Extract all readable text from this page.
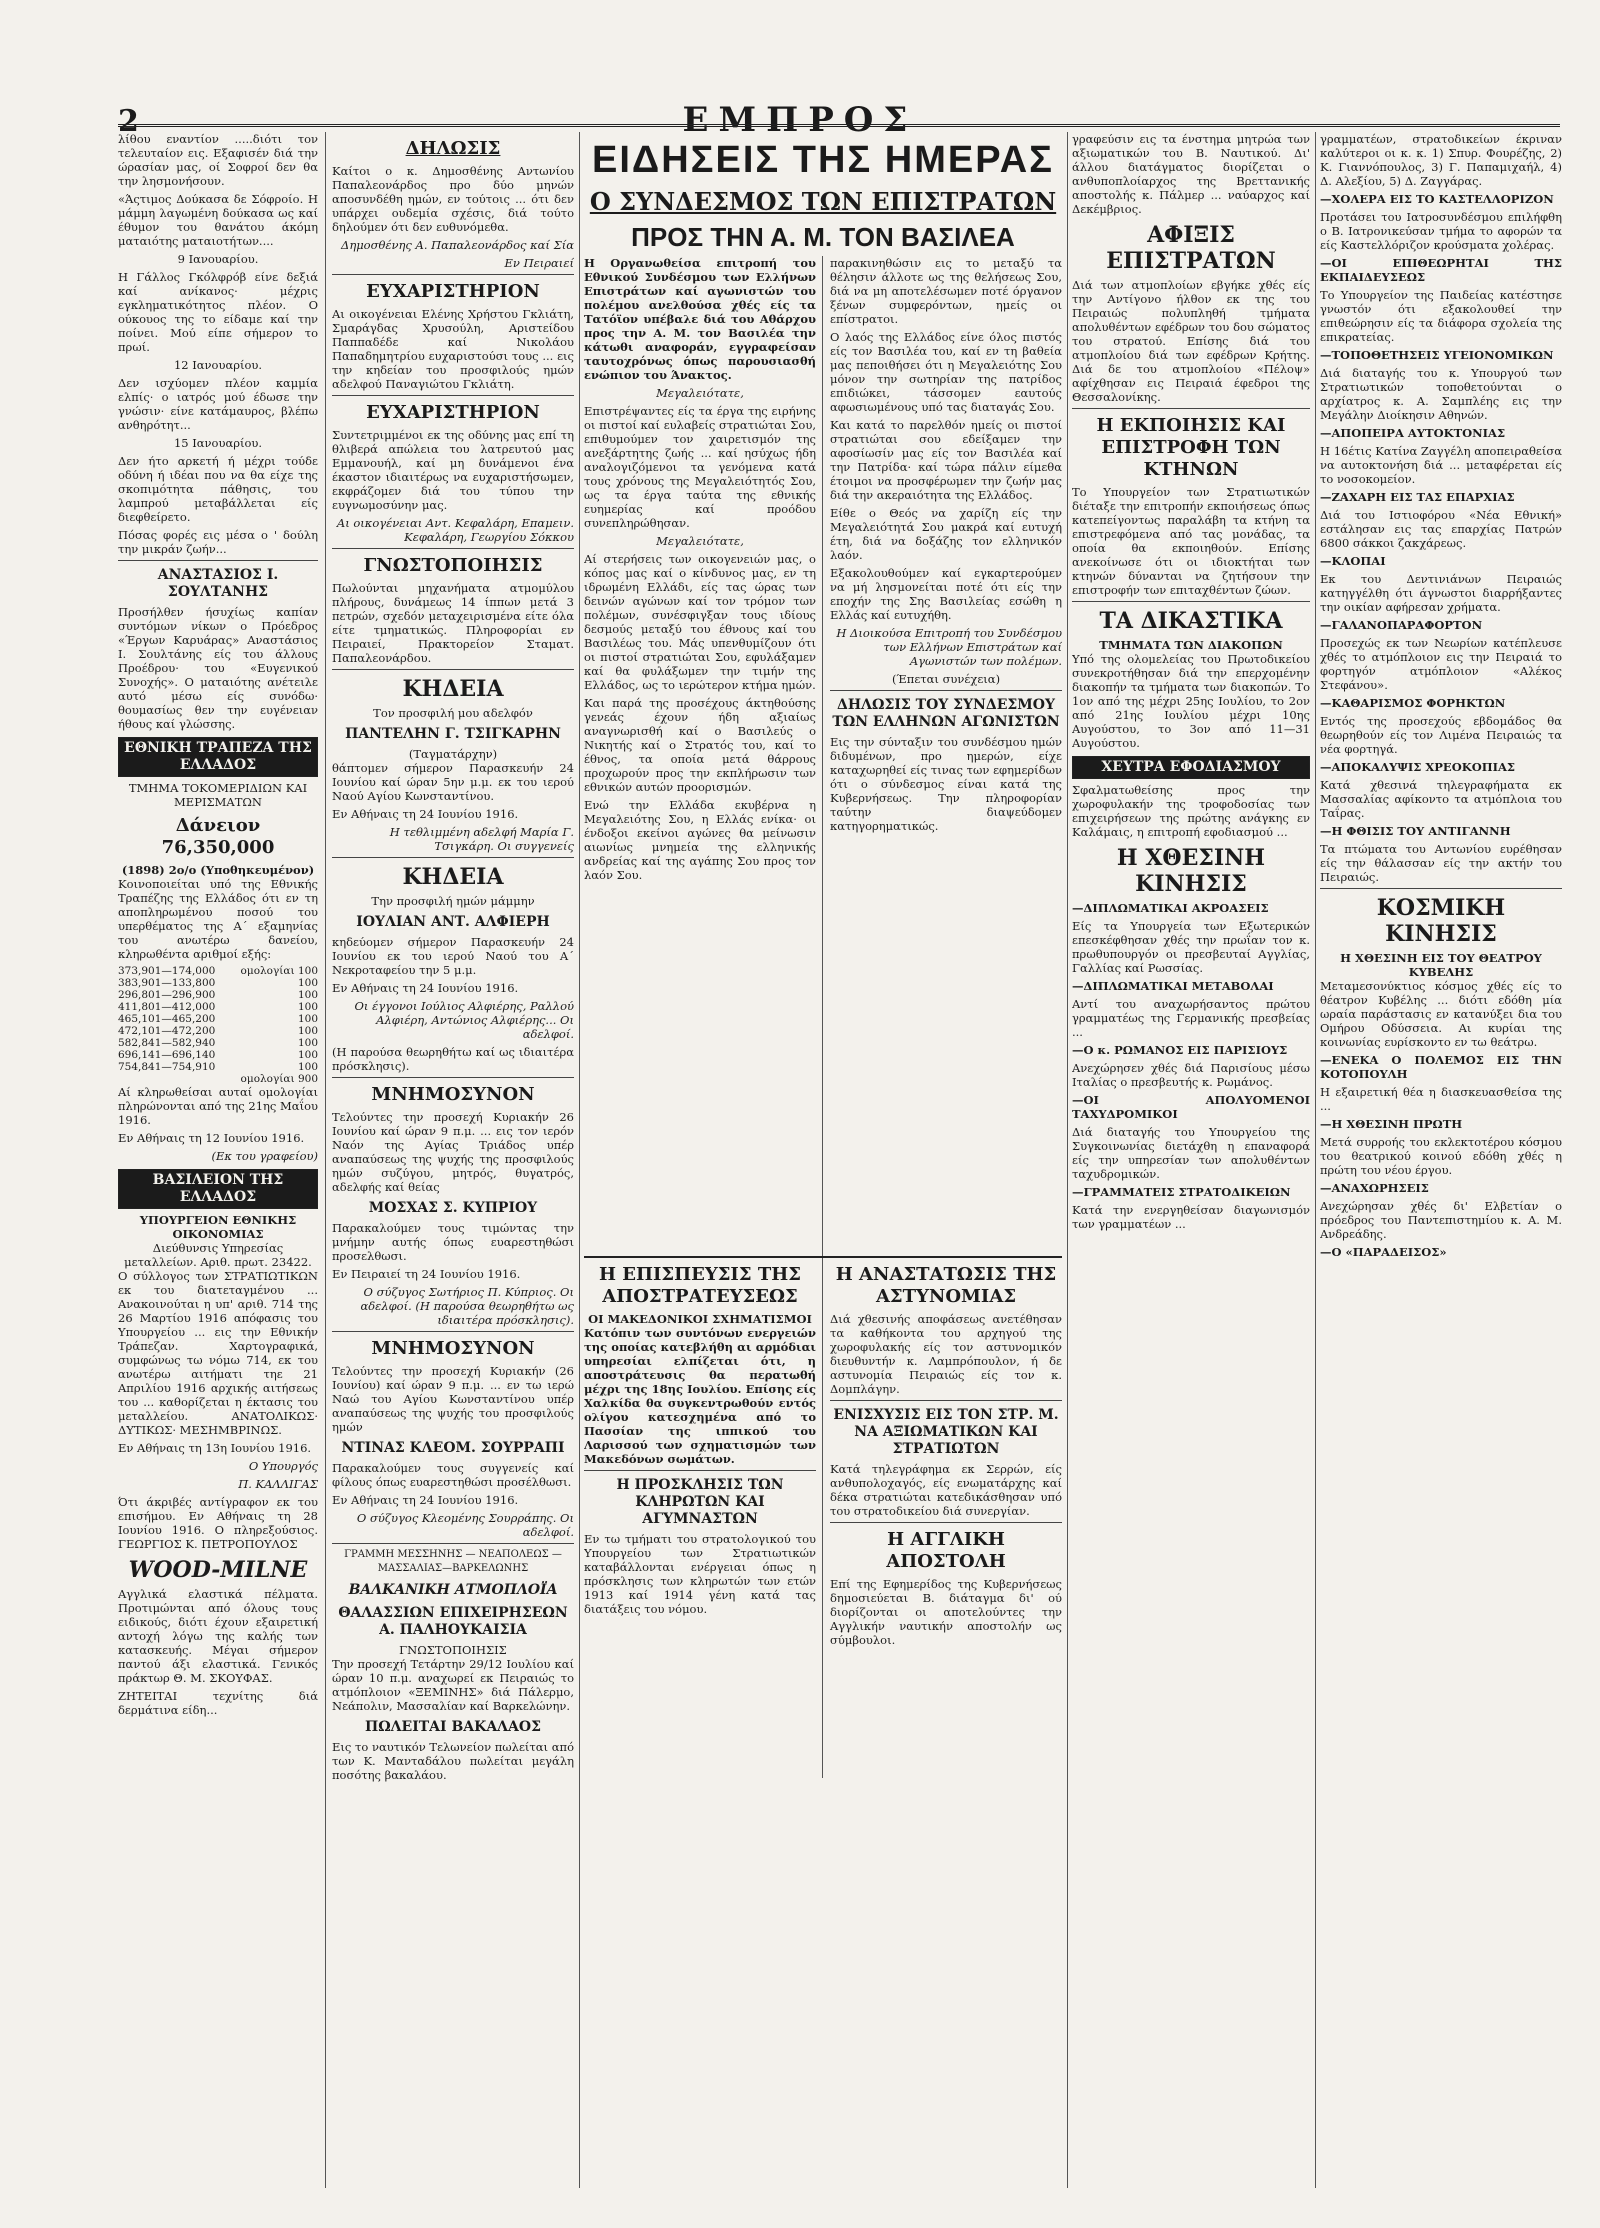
2	ΕΜΠΡΟΣ

λίθου εναντίον .....διότι τον τελευταίον εις. Εξαφισέν διά την ώρασίαν μας, οί Σοφροί δεν θα την λησμονήσουν.

«Άςτιμος Δούκασα δε Σόφροίο. Η μάμμη λαγωμένη δούκασα ως καί έθυμον του θανάτου άκόμη ματαιότης ματαιοτήτων....

9 Ιανουαρίου.

Η Γάλλος Γκόλφρόβ είνε δεξιά καί ανίκανος· μέχρις εγκληματικότητος πλέον. Ο ούκουος της το είδαμε καί την ποίνει. Μού είπε σήμερον το πρωί.

12 Ιανουαρίου.

Δεν ισχύομεν πλέον καμμία ελπίς· ο ιατρός μού έδωσε την γνώσιν· είνε κατάμαυρος, βλέπω ανθηρότητ...

15 Ιανουαρίου.

Δεν ήτο αρκετή ή μέχρι τούδε οδύνη ή ιδέαι που να θα είχε της σκοπιμότητα πάθησις, του λαμπρού μεταβάλλεται είς διεφθείρετο.

Πόσας φορές εις μέσα ο ' δούλη την μικράν ζωήν...

ΑΝΑΣΤΑΣΙΟΣ Ι. ΣΟΥΛΤΑΝΗΣ

Προσήλθεν ήσυχίως καπίαν συντόμων νίκων ο Πρόεδρος «Έργων Καρυάρας» Αναστάσιος Ι. Σουλτάνης είς του άλλους Προέδρου· του «Ευγενικού Συνοχής». Ο ματαιότης ανέτειλε αυτό μέσω είς συνόδω· θουμασίως θεν την ευγένειαν ήθους καί γλώσσης.

ΕΘΝΙΚΗ ΤΡΑΠΕΖΑ ΤΗΣ ΕΛΛΑΔΟΣ
ΤΜΗΜΑ ΤΟΚΟΜΕΡΙΔΙΩΝ ΚΑΙ ΜΕΡΙΣΜΑΤΩΝ
Δάνειον 76,350,000
(1898) 2ο/ο (Υποθηκευμένον)

Κοινοποιείται υπό της Εθνικής Τραπέζης της Ελλάδος ότι εν τη αποπληρωμένου ποσού του υπερθέματος της Α΄ εξαμηνίας του ανωτέρω δανείου, κληρωθέντα αριθμοί εξής:

373,901—174,000	ομολογίαι	100
383,901—133,800		100
296,801—296,900		100
411,801—412,000		100
465,101—465,200		100
472,101—472,200		100
582,841—582,940		100
696,141—696,140		100
754,841—754,910		100
	ομολογίαι	900

Αί κληρωθείσαι αυταί ομολογίαι πληρώνονται από της 21ης Μαΐου 1916.

Εν Αθήναις τη 12 Ιουνίου 1916.

(Εκ του γραφείου)

ΒΑΣΙΛΕΙΟΝ ΤΗΣ ΕΛΛΑΔΟΣ
ΥΠΟΥΡΓΕΙΟΝ ΕΘΝΙΚΗΣ ΟΙΚΟΝΟΜΙΑΣ
Διεύθυνσις Υπηρεσίας μεταλλείων. Αριθ. πρωτ. 23422.

Ο σύλλογος των ΣΤΡΑΤΙΩΤΙΚΩΝ εκ του διατεταγμένου ... Ανακοινούται η υπ' αριθ. 714 της 26 Μαρτίου 1916 απόφασις του Υπουργείου ... εις την Εθνικήν Τράπεζαν. Χαρτογραφικά, συμφώνως τω νόμω 714, εκ του ανωτέρω αιτήματι τηε 21 Απριλίου 1916 αρχικής αιτήσεως του ... καθορίζεται η έκτασις του μεταλλείου. ΑΝΑΤΟΛΙΚΩΣ· ΔΥΤΙΚΩΣ· ΜΕΣΗΜΒΡΙΝΩΣ.

Εν Αθήναις τη 13η Ιουνίου 1916.

Ο Υπουργός

Π. ΚΑΛΛΙΓΑΣ

Ότι άκριβές αντίγραφον εκ του επισήμου. Εν Αθήναις τη 28 Ιουνίου 1916. Ο πληρεξούσιος. ΓΕΩΡΓΙΟΣ Κ. ΠΕΤΡΟΠΟΥΛΟΣ

WOOD-MILNE

Αγγλικά ελαστικά πέλματα. Προτιμώνται από όλους τους ειδικούς, διότι έχουν εξαιρετική αντοχή λόγω της καλής των κατασκευής. Μέγαι σήμερον παντού άξι ελαστικά. Γενικός πράκτωρ Θ. Μ. ΣΚΟΥΦΑΣ.

ΖΗΤΕΙΤΑΙ τεχνίτης διά δερμάτινα είδη...

ΔΗΛΩΣΙΣ

Καίτοι ο κ. Δημοσθένης Αντωνίου Παπαλεονάρδος προ δύο μηνών αποσυνδέθη ημών, εν τούτοις ... ότι δεν υπάρχει ουδεμία σχέσις, διά τούτο δηλούμεν ότι δεν ευθυνόμεθα.

Δημοσθένης Α. Παπαλεονάρδος καί Σία

Εν Πειραιεί

ΕΥΧΑΡΙΣΤΗΡΙΟΝ

Αι οικογένειαι Ελένης Χρήστου Γκλιάτη, Σμαράγδας Χρυσούλη, Αριστείδου Παππαδέδε καί Νικολάου Παπαδημητρίου ευχαριστούσι τους ... εις την κηδείαν του προσφιλούς ημών αδελφού Παναγιώτου Γκλιάτη.

ΕΥΧΑΡΙΣΤΗΡΙΟΝ

Συντετριμμένοι εκ της οδύνης μας επί τη θλιβερά απώλεια του λατρευτού μας Εμμανουήλ, καί μη δυνάμενοι ένα έκαστον ιδιαιτέρως να ευχαριστήσωμεν, εκφράζομεν διά του τύπου την ευγνωμοσύνην μας.

Αι οικογένειαι Αντ. Κεφαλάρη, Επαμειν. Κεφαλάρη, Γεωργίου Σόκκου

ΓΝΩΣΤΟΠΟΙΗΣΙΣ

Πωλούνται μηχανήματα ατμομύλου πλήρους, δυνάμεως 14 ίππων μετά 3 πετρών, σχεδόν μεταχειρισμένα είτε όλα είτε τμηματικώς. Πληροφορίαι εν Πειραιεί, Πρακτορείον Σταματ. Παπαλεονάρδου.

ΚΗΔΕΙΑ
Τον προσφιλή μου αδελφόν
ΠΑΝΤΕΛΗΝ Γ. ΤΣΙΓΚΑΡΗΝ
(Ταγματάρχην)

θάπτομεν σήμερον Παρασκευήν 24 Ιουνίου καί ώραν 5ην μ.μ. εκ του ιερού Ναού Αγίου Κωνσταντίνου.

Εν Αθήναις τη 24 Ιουνίου 1916.

Η τεθλιμμένη αδελφή Μαρία Γ. Τσιγκάρη. Οι συγγενείς

ΚΗΔΕΙΑ
Την προσφιλή ημών μάμμην
ΙΟΥΛΙΑΝ ΑΝΤ. ΑΛΦΙΕΡΗ

κηδεύομεν σήμερον Παρασκευήν 24 Ιουνίου εκ του ιερού Ναού του Α΄ Νεκροταφείου την 5 μ.μ.

Εν Αθήναις τη 24 Ιουνίου 1916.

Οι έγγονοι Ιούλιος Αλφιέρης, Ραλλού Αλφιέρη, Αντώνιος Αλφιέρης... Οι αδελφοί.

(Η παρούσα θεωρηθήτω καί ως ιδιαιτέρα πρόσκλησις).

ΜΝΗΜΟΣΥΝΟΝ

Τελούντες την προσεχή Κυριακήν 26 Ιουνίου καί ώραν 9 π.μ. ... εις τον ιερόν Ναόν της Αγίας Τριάδος υπέρ αναπαύσεως της ψυχής της προσφιλούς ημών συζύγου, μητρός, θυγατρός, αδελφής καί θείας

ΜΟΣΧΑΣ Σ. ΚΥΠΡΙΟΥ

Παρακαλούμεν τους τιμώντας την μνήμην αυτής όπως ευαρεστηθώσι προσελθωσι.

Εν Πειραιεί τη 24 Ιουνίου 1916.

Ο σύζυγος Σωτήριος Π. Κύπριος. Οι αδελφοί. (Η παρούσα θεωρηθήτω ως ιδιαιτέρα πρόσκλησις).

ΜΝΗΜΟΣΥΝΟΝ

Τελούντες την προσεχή Κυριακήν (26 Ιουνίου) καί ώραν 9 π.μ. ... εν τω ιερώ Ναώ του Αγίου Κωνσταντίνου υπέρ αναπαύσεως της ψυχής του προσφιλούς ημών

ΝΤΙΝΑΣ ΚΛΕΟΜ. ΣΟΥΡΡΑΠΙ

Παρακαλούμεν τους συγγενείς καί φίλους όπως ευαρεστηθώσι προσέλθωσι.

Εν Αθήναις τη 24 Ιουνίου 1916.

Ο σύζυγος Κλεομένης Σουρράπης. Οι αδελφοί.

ΓΡΑΜΜΗ ΜΕΣΣΗΝΗΣ — ΝΕΑΠΟΛΕΩΣ — ΜΑΣΣΑΛΙΑΣ—ΒΑΡΚΕΛΩΝΗΣ
ΒΑΛΚΑΝΙΚΗ ΑΤΜΟΠΛΟΪΑ
ΘΑΛΑΣΣΙΩΝ ΕΠΙΧΕΙΡΗΣΕΩΝ Α. ΠΑΛΗΟΥΚΑΙΣΙΑ
ΓΝΩΣΤΟΠΟΙΗΣΙΣ

Την προσεχή Τετάρτην 29/12 Ιουλίου καί ώραν 10 π.μ. αναχωρεί εκ Πειραιώς το ατμόπλοιον «ΞΕΜΙΝΗΣ» διά Πάλερμο, Νεάπολιν, Μασσαλίαν καί Βαρκελώνην.

ΠΩΛΕΙΤΑΙ ΒΑΚΑΛΑΟΣ

Εις το ναυτικόν Τελωνείον πωλείται από των Κ. Μανταδάλου πωλείται μεγάλη ποσότης βακαλάου.

ΕΙΔΗΣΕΙΣ ΤΗΣ ΗΜΕΡΑΣ
Ο ΣΥΝΔΕΣΜΟΣ ΤΩΝ ΕΠΙΣΤΡΑΤΩΝ
ΠΡΟΣ ΤΗΝ Α. Μ. ΤΟΝ ΒΑΣΙΛΕΑ

Η Οργανωθείσα επιτροπή του Εθνικού Συνδέσμου των Ελλήνων Επιστράτων καί αγωνιστών του πολέμου ανελθούσα χθές είς τα Τατόϊον υπέβαλε διά του Αθάρχου προς την Α. Μ. τον Βασιλέα την κάτωθι αναφοράν, εγγραφείσαν ταυτοχρόνως όπως παρουσιασθή ενώπιον του Άνακτος.

Μεγαλειότατε,

Επιστρέψαντες είς τα έργα της ειρήνης οι πιστοί καί ευλαβείς στρατιώται Σου, επιθυμούμεν τον χαιρετισμόν της ανεξάρτητης ζωής ... καί ησύχως ήδη αναλογιζόμενοι τα γενόμενα κατά τους χρόνους της Μεγαλειότητός Σου, ως τα έργα ταύτα της εθνικής ευημερίας καί προόδου συνεπληρώθησαν.

Μεγαλειότατε,

Αί στερήσεις των οικογενειών μας, ο κόπος μας καί ο κίνδυνος μας, εν τη ιδρωμένη Ελλάδι, είς τας ώρας των δεινών αγώνων καί τον τρόμον των πολέμων, συνέσφιγξαν τους ιδίους δεσμούς μεταξύ του έθνους καί του Βασιλέως του. Μάς υπενθυμίζουν ότι οι πιστοί στρατιώται Σου, εφυλάξαμεν καί θα φυλάξωμεν την τιμήν της Ελλάδος, ως το ιερώτερον κτήμα ημών.

Και παρά της προσέχους άκτηθούσης γενεάς έχουν ήδη αξιαίως αναγνωρισθή καί ο Βασιλεύς ο Νικητής καί ο Στρατός του, καί το έθνος, τα οποία μετά θάρρους προχωρούν προς την εκπλήρωσιν των εθνικών αυτών προορισμών.

Ενώ την Ελλάδα εκυβέρνα η Μεγαλειότης Σου, η Ελλάς ενίκα· οι ένδοξοι εκείνοι αγώνες θα μείνωσιν αιωνίως μνημεία της ελληνικής ανδρείας καί της αγάπης Σου προς τον λαόν Σου.

παρακινηθώσιν εις το μεταξύ τα θέλησιν άλλοτε ως της θελήσεως Σου, διά να μη αποτελέσωμεν ποτέ όργανον ξένων συμφερόντων, ημείς οι επίστρατοι.

Ο λαός της Ελλάδος είνε όλος πιστός είς τον Βασιλέα του, καί εν τη βαθεία μας πεποιθήσει ότι η Μεγαλειότης Σου μόνον την σωτηρίαν της πατρίδος επιδιώκει, τάσσομεν εαυτούς αφωσιωμένους υπό τας διαταγάς Σου.

Και κατά το παρελθόν ημείς οι πιστοί στρατιώται σου εδείξαμεν την αφοσίωσίν μας είς τον Βασιλέα καί την Πατρίδα· καί τώρα πάλιν είμεθα έτοιμοι να προσφέρωμεν την ζωήν μας διά την ακεραιότητα της Ελλάδος.

Είθε ο Θεός να χαρίζη είς την Μεγαλειότητά Σου μακρά καί ευτυχή έτη, διά να δοξάζης τον ελληνικόν λαόν.

Εξακολουθούμεν καί εγκαρτερούμεν να μή λησμονείται ποτέ ότι είς την εποχήν της Σης Βασιλείας εσώθη η Ελλάς καί ευτυχήθη.

Η Διοικούσα Επιτροπή του Συνδέσμου των Ελλήνων Επιστράτων καί Αγωνιστών των πολέμων.

(Έπεται συνέχεια)

ΔΗΛΩΣΙΣ ΤΟΥ ΣΥΝΔΕΣΜΟΥ ΤΩΝ ΕΛΛΗΝΩΝ ΑΓΩΝΙΣΤΩΝ

Εις την σύνταξιν του συνδέσμου ημών διδυμένων, προ ημερών, είχε καταχωρηθεί είς τινας των εφημερίδων ότι ο σύνδεσμος είναι κατά της Κυβερνήσεως. Την πληροφορίαν ταύτην διαψεύδομεν κατηγορηματικώς.

Η ΕΠΙΣΠΕΥΣΙΣ ΤΗΣ ΑΠΟΣΤΡΑΤΕΥΣΕΩΣ
ΟΙ ΜΑΚΕΔΟΝΙΚΟΙ ΣΧΗΜΑΤΙΣΜΟΙ

Κατόπιν των συντόνων ενεργειών της οποίας κατεβλήθη αι αρμόδιαι υπηρεσίαι ελπίζεται ότι, η αποστράτευσις θα περατωθή μέχρι της 18ης Ιουλίου. Επίσης είς Χαλκίδα θα συγκεντρωθούν εντός ολίγου κατεσχημένα από το Πασσίαν της ιππικού του Λαρισσού των σχηματισμών των Μακεδόνων σωμάτων.

Η ΠΡΟΣΚΛΗΣΙΣ ΤΩΝ ΚΛΗΡΩΤΩΝ ΚΑΙ ΑΓΥΜΝΑΣΤΩΝ

Εν τω τμήματι του στρατολογικού του Υπουργείου των Στρατιωτικών καταβάλλονται ενέργειαι όπως η πρόσκλησις των κληρωτών των ετών 1913 καί 1914 γένη κατά τας διατάξεις του νόμου.

Η ΑΝΑΣΤΑΤΩΣΙΣ ΤΗΣ ΑΣΤΥΝΟΜΙΑΣ

Διά χθεσινής αποφάσεως ανετέθησαν τα καθήκοντα του αρχηγού της χωροφυλακής είς τον αστυνομικόν διευθυντήν κ. Λαμπρόπουλον, ή δε αστυνομία Πειραιώς είς τον κ. Δομπλάγην.

ΕΝΙΣΧΥΣΙΣ ΕΙΣ ΤΟΝ ΣΤΡ. Μ. ΝΑ ΑΞΙΩΜΑΤΙΚΩΝ ΚΑΙ ΣΤΡΑΤΙΩΤΩΝ

Κατά τηλεγράφημα εκ Σερρών, είς ανθυπολοχαγός, είς ενωματάρχης καί δέκα στρατιώται κατεδικάσθησαν υπό του στρατοδικείου διά συνεργίαν.

Η ΑΓΓΛΙΚΗ ΑΠΟΣΤΟΛΗ

Επί της Εφημερίδος της Κυβερνήσεως δημοσιεύεται Β. διάταγμα δι' ού διορίζονται οι αποτελούντες την Αγγλικήν ναυτικήν αποστολήν ως σύμβουλοι.

γραφεύσιν εις τα ένστημα μητρώα των αξιωματικών του Β. Ναυτικού. Δι' άλλου διατάγματος διορίζεται ο ανθυποπλοίαρχος της Βρεττανικής αποστολής κ. Πάλμερ ... ναύαρχος καί Δεκέμβριος.

ΑΦΙΞΙΣ ΕΠΙΣΤΡΑΤΩΝ

Διά των ατμοπλοίων εβγήκε χθές είς την Αντίγονο ήλθον εκ της του Πειραιώς πολυπληθή τμήματα απολυθέντων εφέδρων του δου σώματος του στρατού. Επίσης διά του ατμοπλοίου διά των εφέδρων Κρήτης. Διά δε του ατμοπλοίου «Πέλοψ» αφίχθησαν εις Πειραιά έφεδροι της Θεσσαλονίκης.

Η ΕΚΠΟΙΗΣΙΣ ΚΑΙ ΕΠΙΣΤΡΟΦΗ ΤΩΝ ΚΤΗΝΩΝ

Το Υπουργείον των Στρατιωτικών διέταξε την επιτροπήν εκποιήσεως όπως κατεπείγοντως παραλάβη τα κτήνη τα επιστρεφόμενα από τας μονάδας, τα οποία θα εκποιηθούν. Επίσης ανεκοίνωσε ότι οι ιδιοκτήται των κτηνών δύνανται να ζητήσουν την επιστροφήν των επιταχθέντων ζώων.

ΤΑ ΔΙΚΑΣΤΙΚΑ
ΤΜΗΜΑΤΑ ΤΩΝ ΔΙΑΚΟΠΩΝ

Υπό της ολομελείας του Πρωτοδικείου συνεκροτήθησαν διά την επερχομένην διακοπήν τα τμήματα των διακοπών. Το 1ον από της μέχρι 25ης Ιουλίου, το 2ον από 21ης Ιουλίου μέχρι 10ης Αυγούστου, το 3ον από 11—31 Αυγούστου.

ΧΕΥΤΡΑ ΕΦΟΔΙΑΣΜΟΥ

Σφαλματωθείσης προς την χωροφυλακήν της τροφοδοσίας των επιχειρήσεων της πρώτης ανάγκης εν Καλάμαις, η επιτροπή εφοδιασμού ...

Η ΧΘΕΣΙΝΗ ΚΙΝΗΣΙΣ

—ΔΙΠΛΩΜΑΤΙΚΑΙ ΑΚΡΟΑΣΕΙΣ

Είς τα Υπουργεία των Εξωτερικών επεσκέφθησαν χθές την πρωΐαν τον κ. πρωθυπουργόν οι πρεσβευταί Αγγλίας, Γαλλίας καί Ρωσσίας.

—ΔΙΠΛΩΜΑΤΙΚΑΙ ΜΕΤΑΒΟΛΑΙ

Αντί του αναχωρήσαντος πρώτου γραμματέως της Γερμανικής πρεσβείας ...

—Ο κ. ΡΩΜΑΝΟΣ ΕΙΣ ΠΑΡΙΣΙΟΥΣ

Ανεχώρησεν χθές διά Παρισίους μέσω Ιταλίας ο πρεσβευτής κ. Ρωμάνος.

—ΟΙ ΑΠΟΛΥΟΜΕΝΟΙ ΤΑΧΥΔΡΟΜΙΚΟΙ

Διά διαταγής του Υπουργείου της Συγκοινωνίας διετάχθη η επαναφορά είς την υπηρεσίαν των απολυθέντων ταχυδρομικών.

—ΓΡΑΜΜΑΤΕΙΣ ΣΤΡΑΤΟΔΙΚΕΙΩΝ

Κατά την ενεργηθείσαν διαγωνισμόν των γραμματέων ...

γραμματέων, στρατοδικείων έκριναν καλύτεροι οι κ. κ. 1) Σπυρ. Φουρέζης, 2) Κ. Γιαννόπουλος, 3) Γ. Παπαμιχαήλ, 4) Δ. Αλεξίου, 5) Δ. Ζαγγάρας.

—ΧΟΛΕΡΑ ΕΙΣ ΤΟ ΚΑΣΤΕΛΛΟΡΙΖΟΝ

Προτάσει του Ιατροσυνδέσμου επιλήφθη ο Β. Ιατρονικεύσαν τμήμα το αφορών τα είς Καστελλόριζον κρούσματα χολέρας.

—ΟΙ ΕΠΙΘΕΩΡΗΤΑΙ ΤΗΣ ΕΚΠΑΙΔΕΥΣΕΩΣ

Το Υπουργείον της Παιδείας κατέστησε γνωστόν ότι εξακολουθεί την επιθεώρησιν είς τα διάφορα σχολεία της επικρατείας.

—ΤΟΠΟΘΕΤΗΣΕΙΣ ΥΓΕΙΟΝΟΜΙΚΩΝ

Διά διαταγής του κ. Υπουργού των Στρατιωτικών τοποθετούνται ο αρχίατρος κ. Α. Σαμπλέης εις την Μεγάλην Διοίκησιν Αθηνών.

—ΑΠΟΠΕΙΡΑ ΑΥΤΟΚΤΟΝΙΑΣ

Η 16έτις Κατίνα Ζαγγέλη αποπειραθείσα να αυτοκτονήση διά ... μεταφέρεται είς το νοσοκομείον.

—ΖΑΧΑΡΗ ΕΙΣ ΤΑΣ ΕΠΑΡΧΙΑΣ

Διά του Ιστιοφόρου «Νέα Εθνική» εστάλησαν εις τας επαρχίας Πατρών 6800 σάκκοι ζακχάρεως.

—ΚΛΟΠΑΙ

Εκ του Δεντινιάνων Πειραιώς κατηγγέλθη ότι άγνωστοι διαρρήξαντες την οικίαν αφήρεσαν χρήματα.

—ΓΑΛΑΝΟΠΑΡΑΦΟΡΤΟΝ

Προσεχώς εκ των Νεωρίων κατέπλευσε χθές το ατμόπλοιον εις την Πειραιά το φορτηγόν ατμόπλοιον «Αλέκος Στεφάνου».

—ΚΑΘΑΡΙΣΜΟΣ ΦΟΡΗΚΤΩΝ

Εντός της προσεχούς εβδομάδος θα θεωρηθούν είς τον Λιμένα Πειραιώς τα νέα φορτηγά.

—ΑΠΟΚΑΛΥΨΙΣ ΧΡΕΟΚΟΠΙΑΣ

Κατά χθεσινά τηλεγραφήματα εκ Μασσαλίας αφίκοντο τα ατμόπλοια του Ταΐρας.

—Η ΦΘΙΣΙΣ ΤΟΥ ΑΝΤΙΓΑΝΝΗ

Τα πτώματα του Αντωνίου ευρέθησαν είς την θάλασσαν είς την ακτήν του Πειραιώς.

ΚΟΣΜΙΚΗ ΚΙΝΗΣΙΣ
Η ΧΘΕΣΙΝΗ ΕΙΣ ΤΟΥ ΘΕΑΤΡΟΥ ΚΥΒΕΛΗΣ

Μεταμεσονύκτιος κόσμος χθές είς το θέατρον Κυβέλης ... διότι εδόθη μία ωραία παράστασις εν κατανύξει δια του Ομήρου Οδύσσεια. Αι κυρίαι της κοινωνίας ευρίσκοντο εν τω θεάτρω.

—ΕΝΕΚΑ Ο ΠΟΛΕΜΟΣ ΕΙΣ ΤΗΝ ΚΟΤΟΠΟΥΛΗ

Η εξαιρετική θέα η διασκευασθείσα της ...

—Η ΧΘΕΣΙΝΗ ΠΡΩΤΗ

Μετά συρροής του εκλεκτοτέρου κόσμου του θεατρικού κοινού εδόθη χθές η πρώτη του νέου έργου.

—ΑΝΑΧΩΡΗΣΕΙΣ

Ανεχώρησαν χθές δι' Ελβετίαν ο πρόεδρος του Παντεπιστημίου κ. Α. Μ. Ανδρεάδης.

—Ο «ΠΑΡΑΔΕΙΣΟΣ»
